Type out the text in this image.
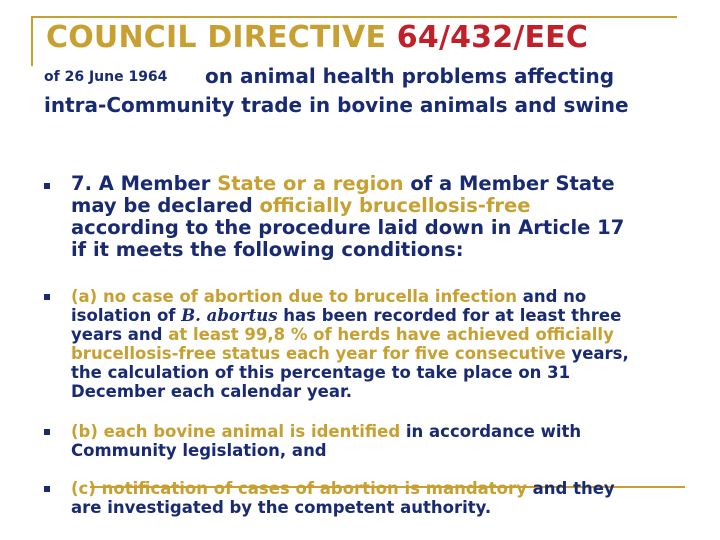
COUNCIL DIRECTIVE 64/432/EEC
of 26 June 1964 on animal health problems affecting
intra-Community trade in bovine animals and swine

7. A Member State or a region of a Member State
may be declared officially brucellosis-free
according to the procedure laid down in Article 17
if it meets the following conditions:

(a) no case of abortion due to brucella infection and no
isolation of B. abortus has been recorded for at least three
years and at least 99,8 % of herds have achieved officially
brucellosis-free status each year for five consecutive years,
the calculation of this percentage to take place on 31
December each calendar year.

(b) each bovine animal is identified in accordance with
Community legislation, and

(c) notification of cases of abortion is mandatory and they
are investigated by the competent authority.
